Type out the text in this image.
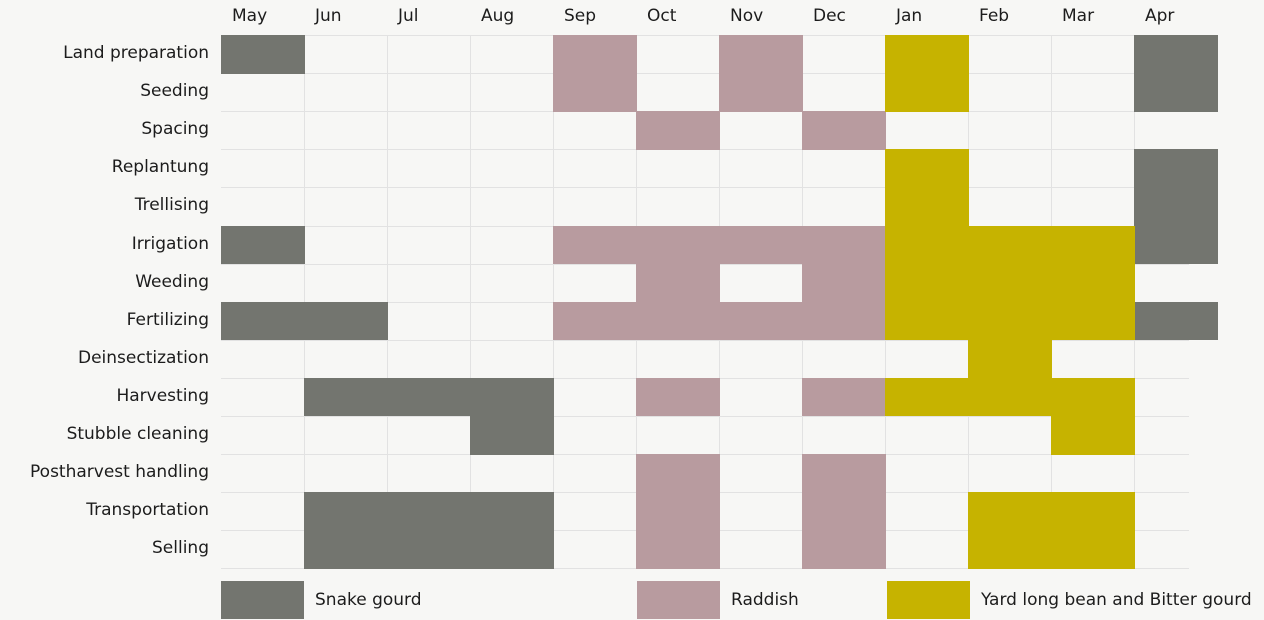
May	Jun	Jul	Aug	Sep	Oct	Nov	Dec	Jan	Feb	Mar	Apr
Land preparation
Seeding
Spacing
Replantung
Trellising
Irrigation
Weeding
Fertilizing
Deinsectization
Harvesting
Stubble cleaning
Postharvest handling
Transportation
Selling
Snake gourd	Raddish	Yard long bean and Bitter gourd
